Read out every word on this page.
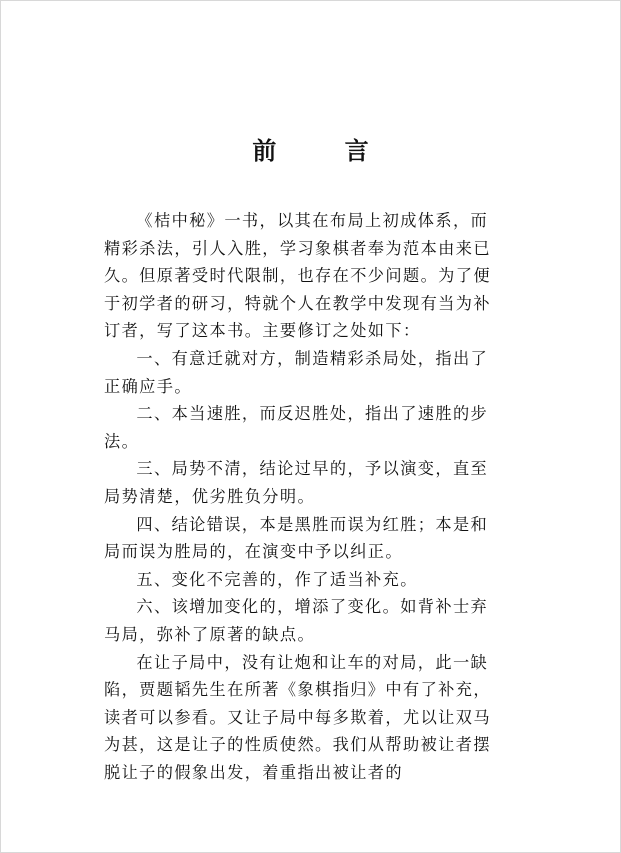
前 言

《桔中秘》一书，以其在布局上初成体系，而精彩杀法，引人入胜，学习象棋者奉为范本由来已久。但原著受时代限制，也存在不少问题。为了便于初学者的研习，特就个人在教学中发现有当为补订者，写了这本书。主要修订之处如下：

一、有意迁就对方，制造精彩杀局处，指出了正确应手。

二、本当速胜，而反迟胜处，指出了速胜的步法。

三、局势不清，结论过早的，予以演变，直至局势清楚，优劣胜负分明。

四、结论错误，本是黑胜而误为红胜；本是和局而误为胜局的，在演变中予以纠正。

五、变化不完善的，作了适当补充。

六、该增加变化的，增添了变化。如背补士弃马局，弥补了原著的缺点。

在让子局中，没有让炮和让车的对局，此一缺陷，贾题韬先生在所著《象棋指归》中有了补充，读者可以参看。又让子局中每多欺着，尤以让双马为甚，这是让子的性质使然。我们从帮助被让者摆脱让子的假象出发，着重指出被让者的
